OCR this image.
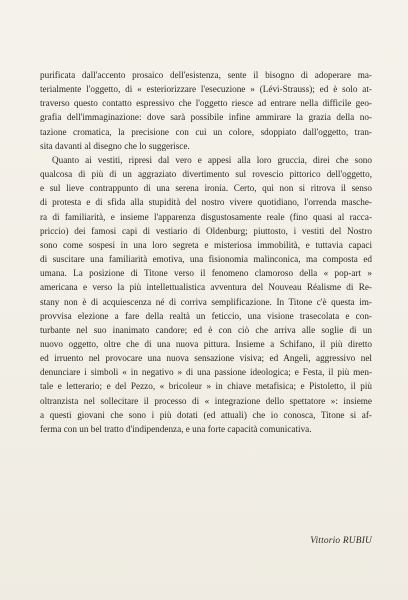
purificata dall'accento prosaico dell'esistenza, sente il bisogno di adoperare ma-
terialmente l'oggetto, di « esteriorizzare l'esecuzione » (Lévi-Strauss); ed è solo at-
traverso questo contatto espressivo che l'oggetto riesce ad entrare nella difficile geo-
grafia dell'immaginazione: dove sarà possibile infine ammirare la grazia della no-
tazione cromatica, la precisione con cui un colore, sdoppiato dall'oggetto, tran-
sita davanti al disegno che lo suggerisce.
Quanto ai vestiti, ripresi dal vero e appesi alla loro gruccia, direi che sono
qualcosa di più di un aggraziato divertimento sul rovescio pittorico dell'oggetto,
e sul lieve contrappunto di una serena ironia. Certo, qui non si ritrova il senso
di protesta e di sfida alla stupidità del nostro vivere quotidiano, l'orrenda masche-
ra di familiarità, e insieme l'apparenza disgustosamente reale (fino quasi al racca-
priccio) dei famosi capi di vestiario di Oldenburg; piuttosto, i vestiti del Nostro
sono come sospesi in una loro segreta e misteriosa immobilità, e tuttavia capaci
di suscitare una familiarità emotiva, una fisionomia malinconica, ma composta ed
umana. La posizione di Titone verso il fenomeno clamoroso della « pop-art »
americana e verso la più intellettualistica avventura del Nouveau Réalisme di Re-
stany non è di acquiescenza né di corriva semplificazione. In Titone c'è questa im-
provvisa elezione a fare della realtà un feticcio, una visione trasecolata e con-
turbante nel suo inanimato candore; ed è con ciò che arriva alle soglie di un
nuovo oggetto, oltre che di una nuova pittura. Insieme a Schifano, il più diretto
ed irruento nel provocare una nuova sensazione visiva; ed Angeli, aggressivo nel
denunciare i simboli « in negativo » di una passione ideologica; e Festa, il più men-
tale e letterario; e del Pezzo, « bricoleur » in chiave metafisica; e Pistoletto, il più
oltranzista nel sollecitare il processo di « integrazione dello spettatore »: insieme
a questi giovani che sono i più dotati (ed attuali) che io conosca, Titone si af-
ferma con un bel tratto d'indipendenza, e una forte capacità comunicativa.
Vittorio RUBIU
